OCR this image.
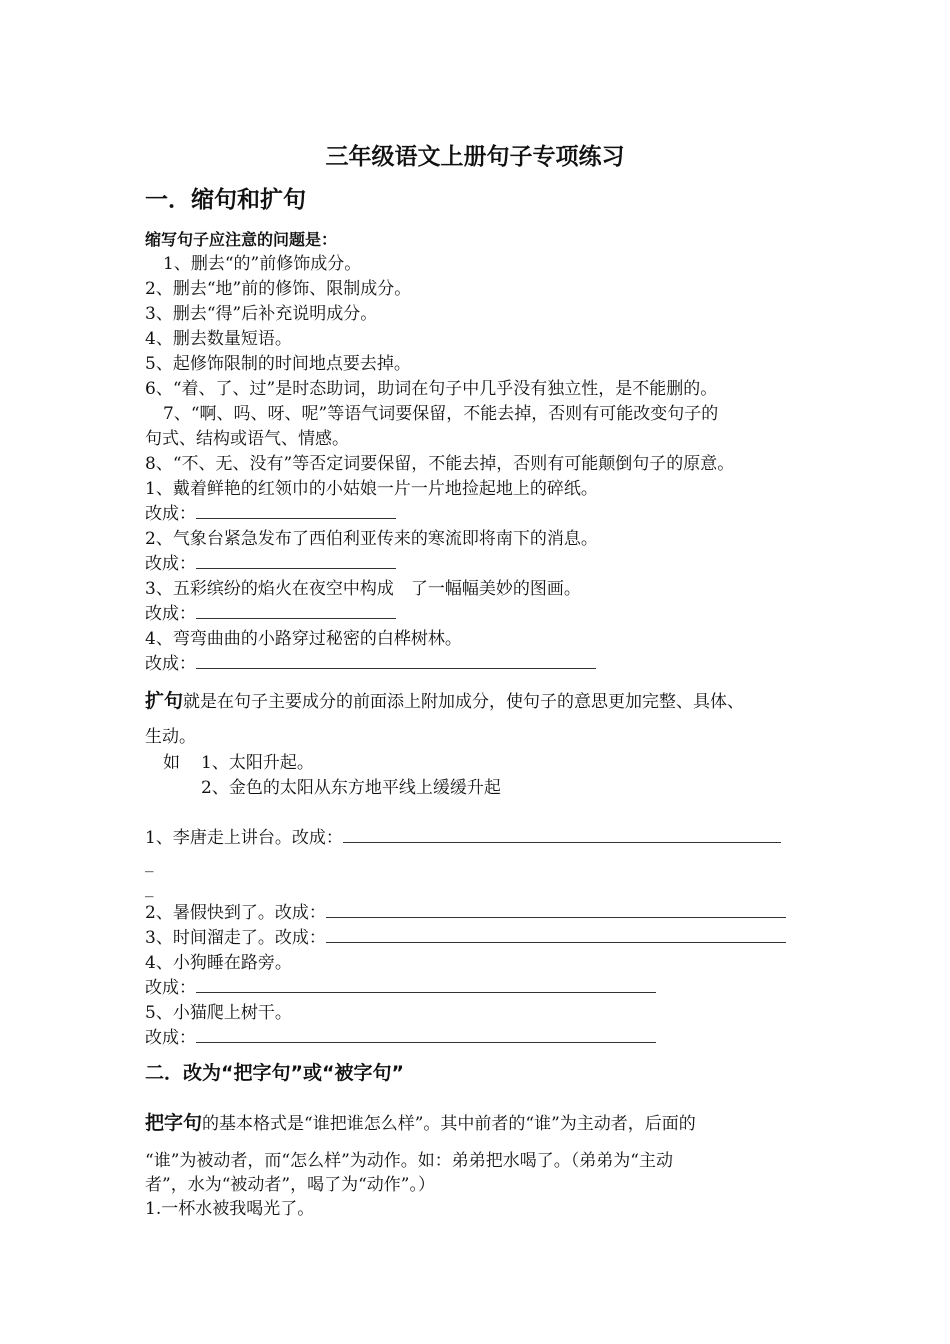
三年级语文上册句子专项练习
一．缩句和扩句
缩写句子应注意的问题是：
1、删去“的”前修饰成分。
2、删去“地”前的修饰、限制成分。
3、删去“得”后补充说明成分。
4、删去数量短语。
5、起修饰限制的时间地点要去掉。
6、“着、了、过”是时态助词，助词在句子中几乎没有独立性，是不能删的。
7、“啊、吗、呀、呢”等语气词要保留，不能去掉，否则有可能改变句子的
句式、结构或语气、情感。
8、“不、无、没有”等否定词要保留，不能去掉，否则有可能颠倒句子的原意。
1、戴着鲜艳的红领巾的小姑娘一片一片地捡起地上的碎纸。
改成：
2、气象台紧急发布了西伯利亚传来的寒流即将南下的消息。
改成：
3、五彩缤纷的焰火在夜空中构成　了一幅幅美妙的图画。
改成：
4、弯弯曲曲的小路穿过秘密的白桦树林。
改成：
扩句就是在句子主要成分的前面添上附加成分，使句子的意思更加完整、具体、
生动。
如 1、太阳升起。
2、金色的太阳从东方地平线上缓缓升起
1、李唐走上讲台。改成：
_
_
2、暑假快到了。改成：
3、时间溜走了。改成：
4、小狗睡在路旁。
改成：
5、小猫爬上树干。
改成：
二．改为“把字句”或“被字句”
把字句的基本格式是“谁把谁怎么样”。其中前者的“谁”为主动者，后面的
“谁”为被动者，而“怎么样”为动作。如：弟弟把水喝了。（弟弟为“主动
者”，水为“被动者”，喝了为“动作”。）
1.一杯水被我喝光了。
